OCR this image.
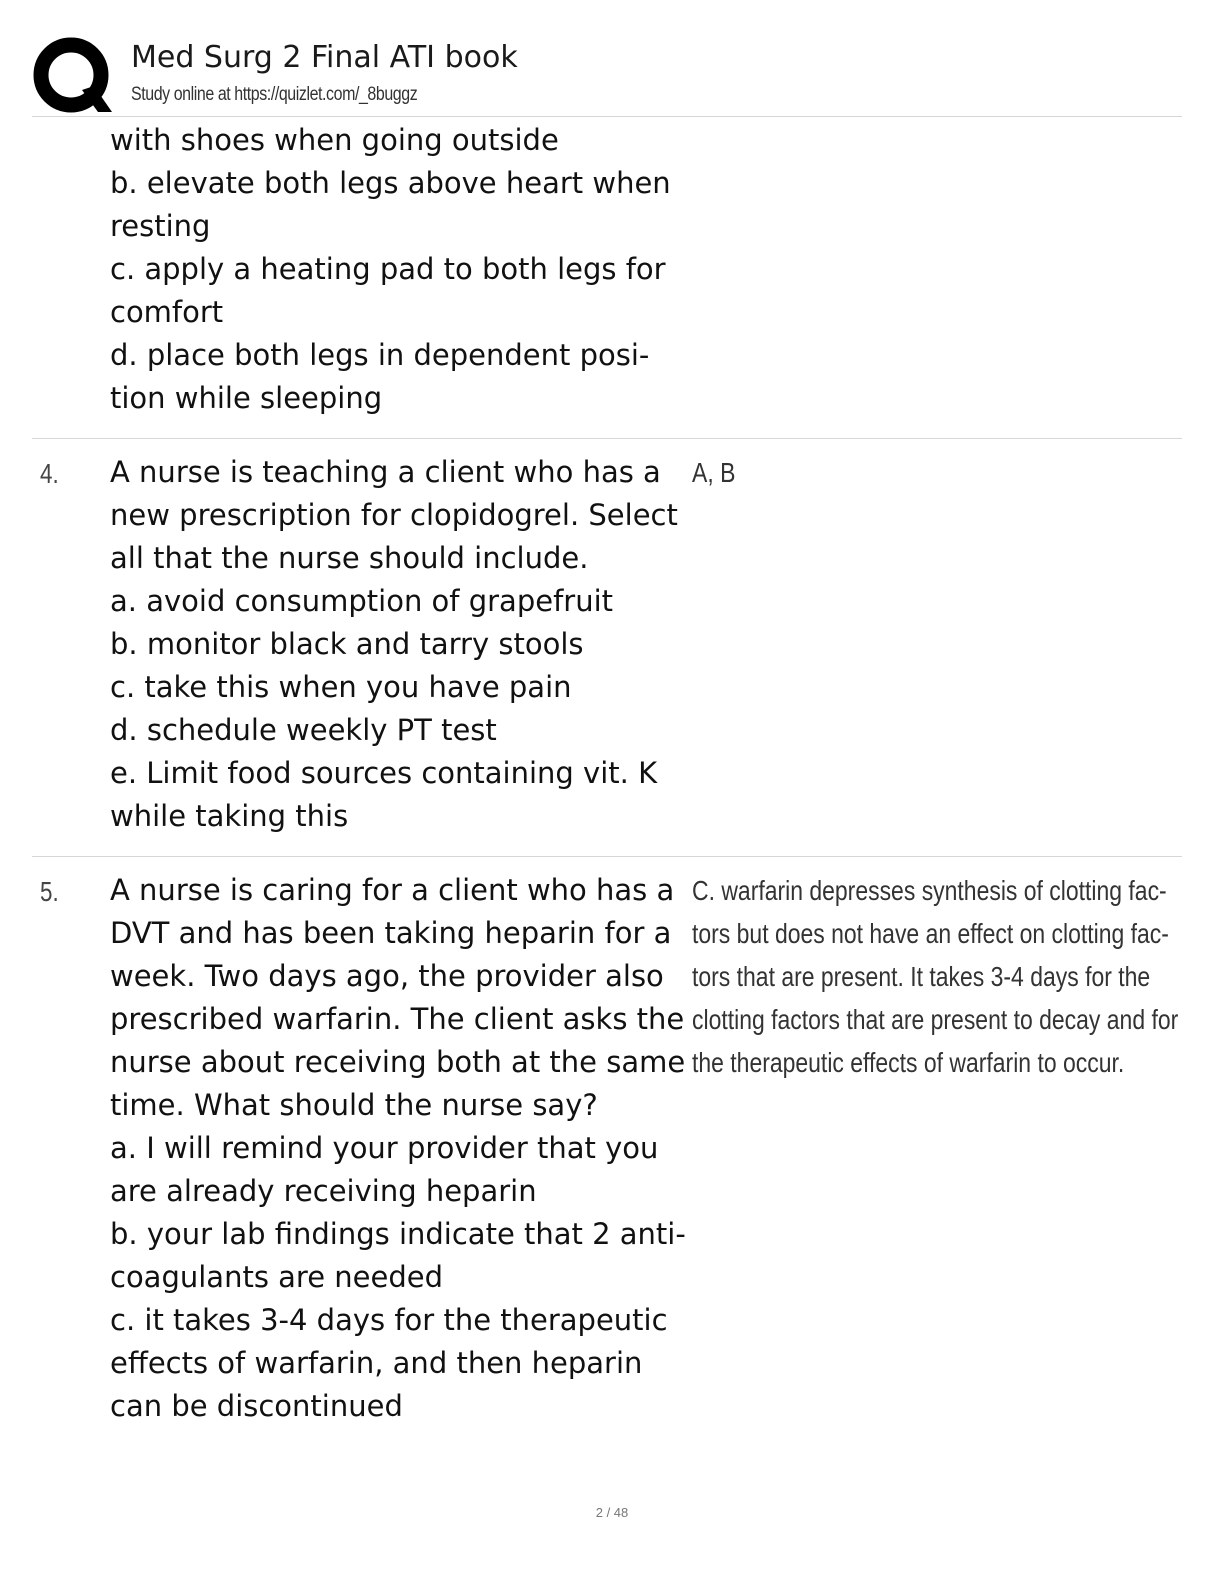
Med Surg 2 Final ATI book
Study online at https://quizlet.com/_8buggz
with shoes when going outside
b. elevate both legs above heart when
resting
c. apply a heating pad to both legs for
comfort
d. place both legs in dependent posi-
tion while sleeping
4. A nurse is teaching a client who has a
new prescription for clopidogrel. Select
all that the nurse should include.
a. avoid consumption of grapefruit
b. monitor black and tarry stools
c. take this when you have pain
d. schedule weekly PT test
e. Limit food sources containing vit. K
while taking this
A, B
5. A nurse is caring for a client who has a
DVT and has been taking heparin for a
week. Two days ago, the provider also
prescribed warfarin. The client asks the
nurse about receiving both at the same
time. What should the nurse say?
a. I will remind your provider that you
are already receiving heparin
b. your lab findings indicate that 2 anti-
coagulants are needed
c. it takes 3-4 days for the therapeutic
effects of warfarin, and then heparin
can be discontinued
C. warfarin depresses synthesis of clotting fac-
tors but does not have an effect on clotting fac-
tors that are present. It takes 3-4 days for the
clotting factors that are present to decay and for
the therapeutic effects of warfarin to occur.
2 / 48
